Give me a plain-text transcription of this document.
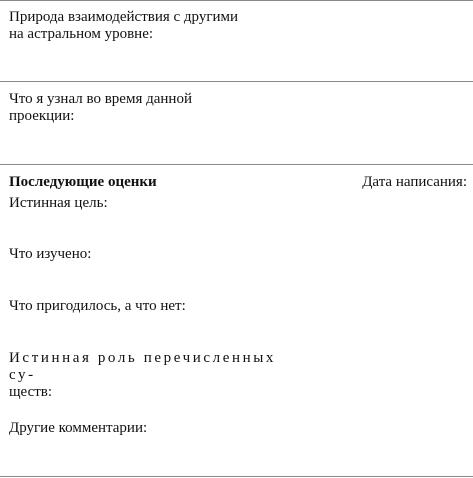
Природа взаимодействия с другими
на астральном уровне:
Что я узнал во время данной
проекции:
Последующие оценки	Дата написания:
Истинная цель:
Что изучено:
Что пригодилось, а что нет:
Истинная роль перечисленных су-
ществ:
Другие комментарии:
